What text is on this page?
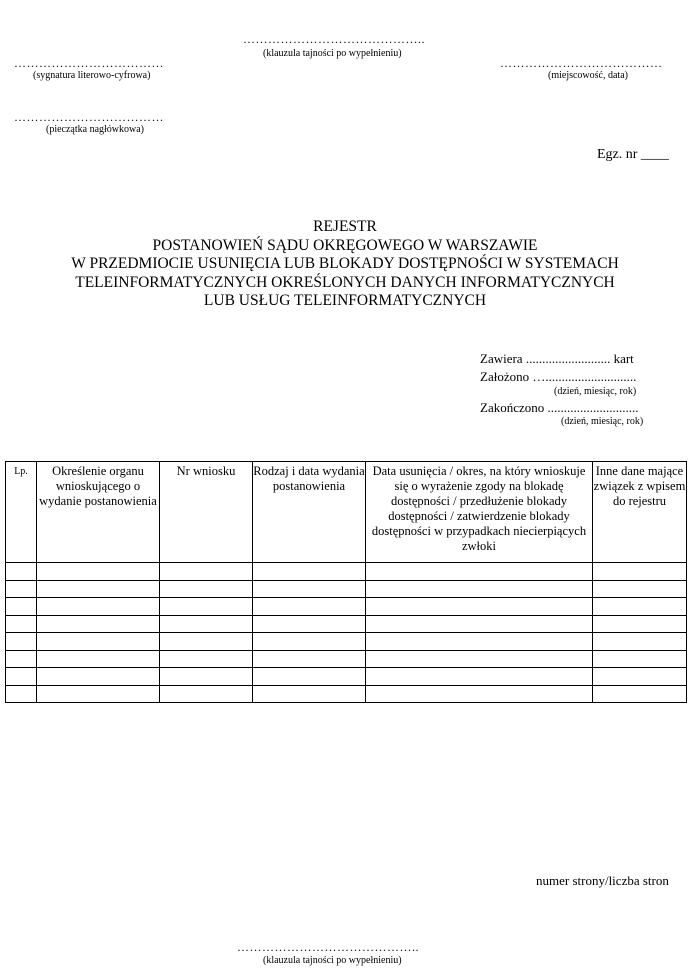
……………………………………..
(klauzula tajności po wypełnieniu)
………………………………
(sygnatura literowo-cyfrowa)
…………………………………
(miejscowość, data)
………………………………
(pieczątka nagłówkowa)
Egz. nr ____
REJESTR
POSTANOWIEŃ SĄDU OKRĘGOWEGO W WARSZAWIE
W PRZEDMIOCIE USUNIĘCIA LUB BLOKADY DOSTĘPNOŚCI W SYSTEMACH
TELEINFORMATYCZNYCH OKREŚLONYCH DANYCH INFORMATYCZNYCH
LUB USŁUG TELEINFORMATYCZNYCH
Zawiera .......................... kart
Założono …............................
(dzień, miesiąc, rok)
Zakończono ............................
(dzień, miesiąc, rok)
Lp.	Określenie organu wnioskującego o wydanie postanowienia	Nr wniosku	Rodzaj i data wydania postanowienia	Data usunięcia / okres, na który wnioskuje się o wyrażenie zgody na blokadę dostępności / przedłużenie blokady dostępności / zatwierdzenie blokady dostępności w przypadkach niecierpiących zwłoki	Inne dane mające związek z wpisem do rejestru

numer strony/liczba stron
……………………………………..
(klauzula tajności po wypełnieniu)
